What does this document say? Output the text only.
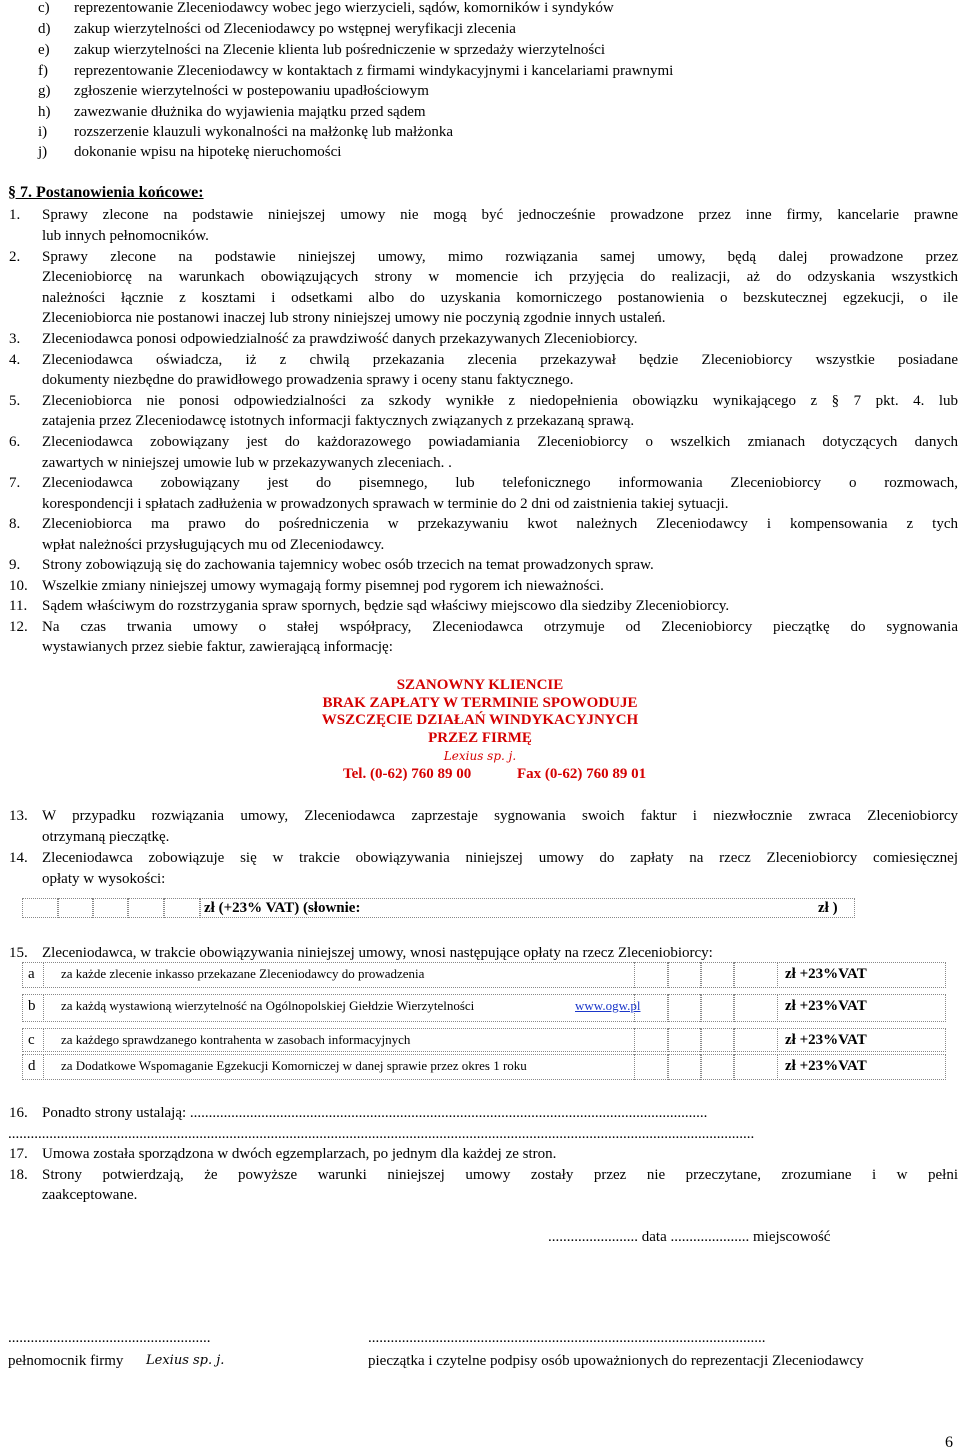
c) reprezentowanie Zleceniodawcy wobec jego wierzycieli, sądów, komorników i syndyków
d) zakup wierzytelności od Zleceniodawcy po wstępnej weryfikacji zlecenia
e) zakup wierzytelności na Zlecenie klienta lub pośredniczenie w sprzedaży wierzytelności
f) reprezentowanie Zleceniodawcy w kontaktach z firmami windykacyjnymi i kancelariami prawnymi
g) zgłoszenie wierzytelności w postepowaniu upadłościowym
h) zawezwanie dłużnika do wyjawienia majątku przed sądem
i) rozszerzenie klauzuli wykonalności na małżonkę lub małżonka
j) dokonanie wpisu na hipotekę nieruchomości
§ 7. Postanowienia końcowe:
1.	Sprawy zlecone na podstawie niniejszej umowy nie mogą być jednocześnie prowadzone przez inne firmy, kancelarie prawne
lub innych pełnomocników.
2.	Sprawy zlecone na podstawie niniejszej umowy, mimo rozwiązania samej umowy, będą dalej prowadzone przez
Zleceniobiorcę na warunkach obowiązujących strony w momencie ich przyjęcia do realizacji, aż do odzyskania wszystkich
należności łącznie z kosztami i odsetkami albo do uzyskania komorniczego postanowienia o bezskutecznej egzekucji, o ile
Zleceniobiorca nie postanowi inaczej lub strony niniejszej umowy nie poczynią zgodnie innych ustaleń.
3.	Zleceniodawca ponosi odpowiedzialność za prawdziwość danych przekazywanych Zleceniobiorcy.
4.	Zleceniodawca oświadcza, iż z chwilą przekazania zlecenia przekazywał będzie Zleceniobiorcy wszystkie posiadane
dokumenty niezbędne do prawidłowego prowadzenia sprawy i oceny stanu faktycznego.
5.	Zleceniobiorca nie ponosi odpowiedzialności za szkody wynikłe z niedopełnienia obowiązku wynikającego z § 7 pkt. 4. lub
zatajenia przez Zleceniodawcę istotnych informacji faktycznych związanych z przekazaną sprawą.
6.	Zleceniodawca zobowiązany jest do każdorazowego powiadamiania Zleceniobiorcy o wszelkich zmianach dotyczących danych
zawartych w niniejszej umowie lub w przekazywanych zleceniach. .
7.	Zleceniodawca zobowiązany jest do pisemnego, lub telefonicznego informowania Zleceniobiorcy o rozmowach,
korespondencji i spłatach zadłużenia w prowadzonych sprawach w terminie do 2 dni od zaistnienia takiej sytuacji.
8.	Zleceniobiorca ma prawo do pośredniczenia w przekazywaniu kwot należnych Zleceniodawcy i kompensowania z tych
wpłat należności przysługujących mu od Zleceniodawcy.
9.	Strony zobowiązują się do zachowania tajemnicy wobec osób trzecich na temat prowadzonych spraw.
10. Wszelkie zmiany niniejszej umowy wymagają formy pisemnej pod rygorem ich nieważności.
11. Sądem właściwym do rozstrzygania spraw spornych, będzie sąd właściwy miejscowo dla siedziby Zleceniobiorcy.
12. Na czas trwania umowy o stałej współpracy, Zleceniodawca otrzymuje od Zleceniobiorcy pieczątkę do sygnowania
wystawianych przez siebie faktur, zawierającą informację:
SZANOWNY KLIENCIE
BRAK ZAPŁATY W TERMINIE SPOWODUJE
WSZCZĘCIE DZIAŁAŃ WINDYKACYJNYCH
PRZEZ FIRMĘ
Lexius sp. j.
Tel. (0-62) 760 89 00	Fax (0-62) 760 89 01
13. W przypadku rozwiązania umowy, Zleceniodawca zaprzestaje sygnowania swoich faktur i niezwłocznie zwraca Zleceniobiorcy
otrzymaną pieczątkę.
14. Zleceniodawca zobowiązuje się w trakcie obowiązywania niniejszej umowy do zapłaty na rzecz Zleceniobiorcy comiesięcznej
opłaty w wysokości:
zł (+23% VAT) (słownie:	zł )
15. Zleceniodawca, w trakcie obowiązywania niniejszej umowy, wnosi następujące opłaty na rzecz Zleceniobiorcy:
a za każde zlecenie inkasso przekazane Zleceniodawcy do prowadzenia	zł +23%VAT
b za każdą wystawioną wierzytelność na Ogólnopolskiej Giełdzie Wierzytelności	www.ogw.pl	zł +23%VAT
c za każdego sprawdzanego kontrahenta w zasobach informacyjnych	zł +23%VAT
d za Dodatkowe Wspomaganie Egzekucji Komorniczej w danej sprawie przez okres 1 roku	zł +23%VAT
16. Ponadto strony ustalają: ..........................................................................................................................................
.......................................................................................................................................................................................................
17. Umowa została sporządzona w dwóch egzemplarzach, po jednym dla każdej ze stron.
18. Strony potwierdzają, że powyższe warunki niniejszej umowy zostały przez nie przeczytane, zrozumiane i w pełni
zaakceptowane.
........................ data ..................... miejscowość
......................................................
pełnomocnik firmy Lexius sp. j.
..........................................................................................................
pieczątka i czytelne podpisy osób upoważnionych do reprezentacji Zleceniodawcy
6
